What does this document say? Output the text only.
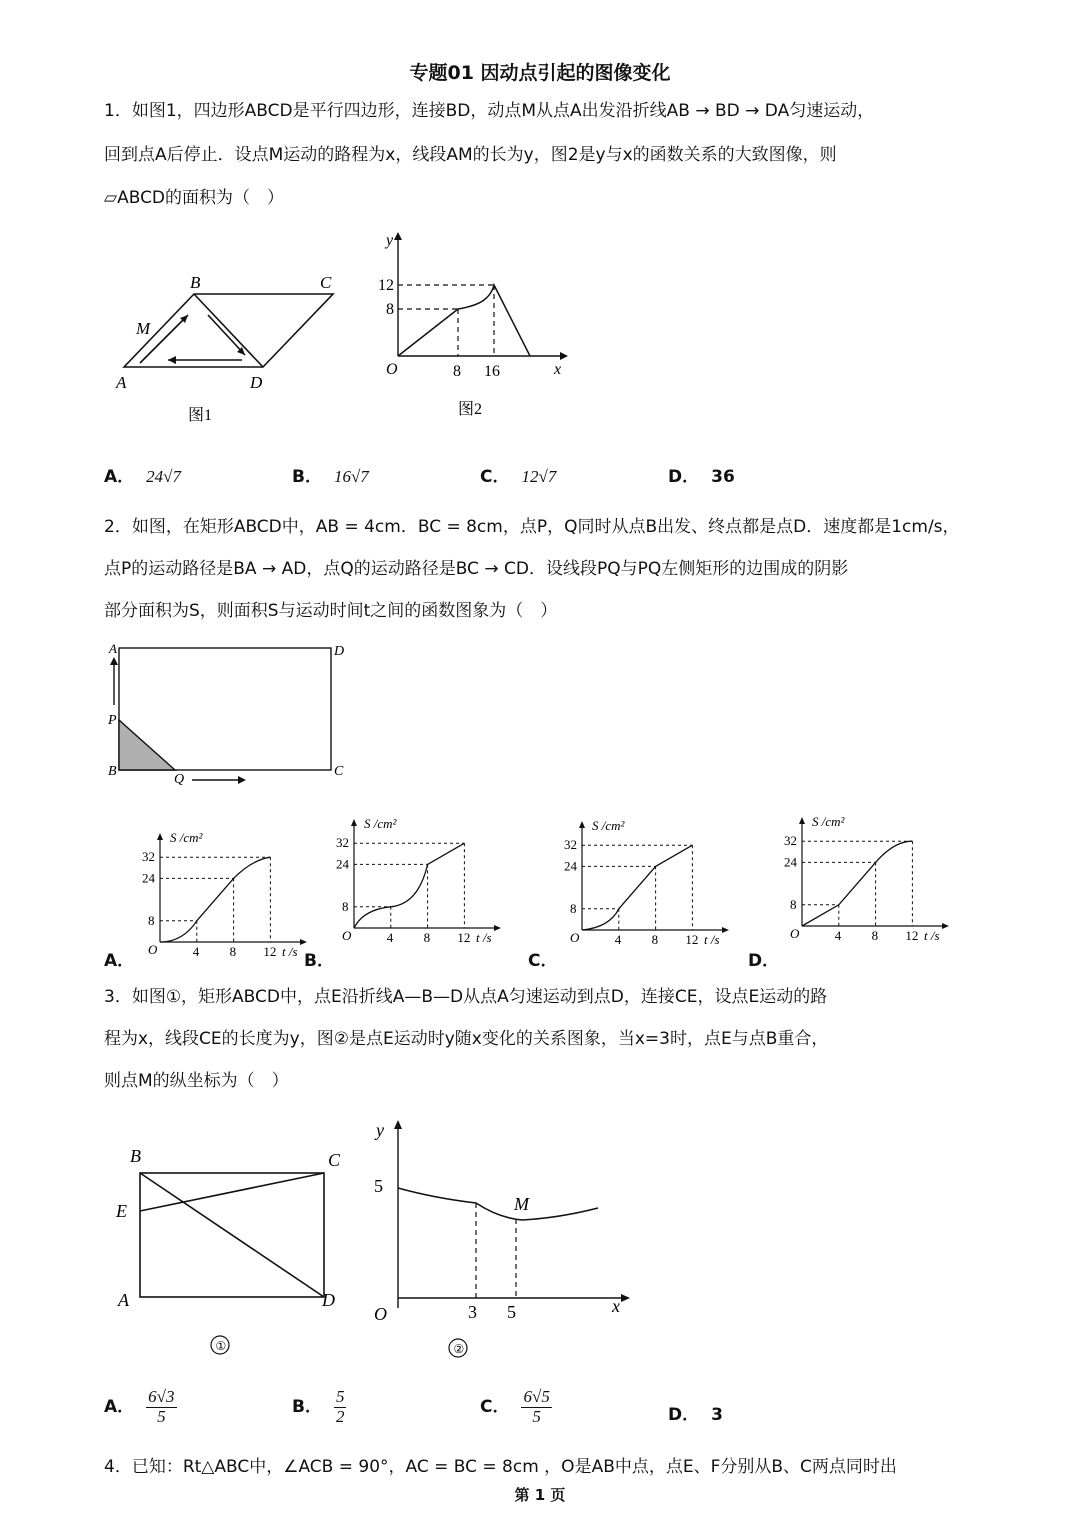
专题01 因动点引起的图像变化
1．如图1，四边形ABCD是平行四边形，连接BD，动点M从点A出发沿折线AB → BD → DA匀速运动，
回到点A后停止．设点M运动的路程为x，线段AM的长为y，图2是y与x的函数关系的大致图像，则
▱ABCD的面积为（　）
A
B	C
D
M
图1
y
x
O
12
8
8 16
图2
A． 24√7	B． 16√7	C． 12√7	D． 36
2．如图，在矩形ABCD中，AB = 4cm．BC = 8cm，点P，Q同时从点B出发、终点都是点D．速度都是1cm/s，
点P的运动路径是BA → AD，点Q的运动路径是BC → CD．设线段PQ与PQ左侧矩形的边围成的阴影
部分面积为S，则面积S与运动时间t之间的函数图象为（　）
A	D
P
B	C
Q
S /cm²
t /s
O
32
24
8
4 8 12
S /cm²
t /s
O
32
24
8
4 8 12
S /cm²
t /s
O
32
24
8
4 8 12
S /cm²
t /s
O
32
24
8
4 8 12
A．	B．	C．	D．
3．如图①，矩形ABCD中，点E沿折线A—B—D从点A匀速运动到点D，连接CE，设点E运动的路
程为x，线段CE的长度为y，图②是点E运动时y随x变化的关系图象，当x=3时，点E与点B重合，
则点M的纵坐标为（　）
B	C
E
A	D
①
y
x
O
5
3 5
M
②
A． $\frac{6√3}{5}$	B． $\frac{5}{2}$	C． $\frac{6√5}{5}$	D． 3
4．已知：Rt△ABC中，∠ACB = 90°，AC = BC = 8cm ，O是AB中点，点E、F分别从B、C两点同时出
第 1 页
